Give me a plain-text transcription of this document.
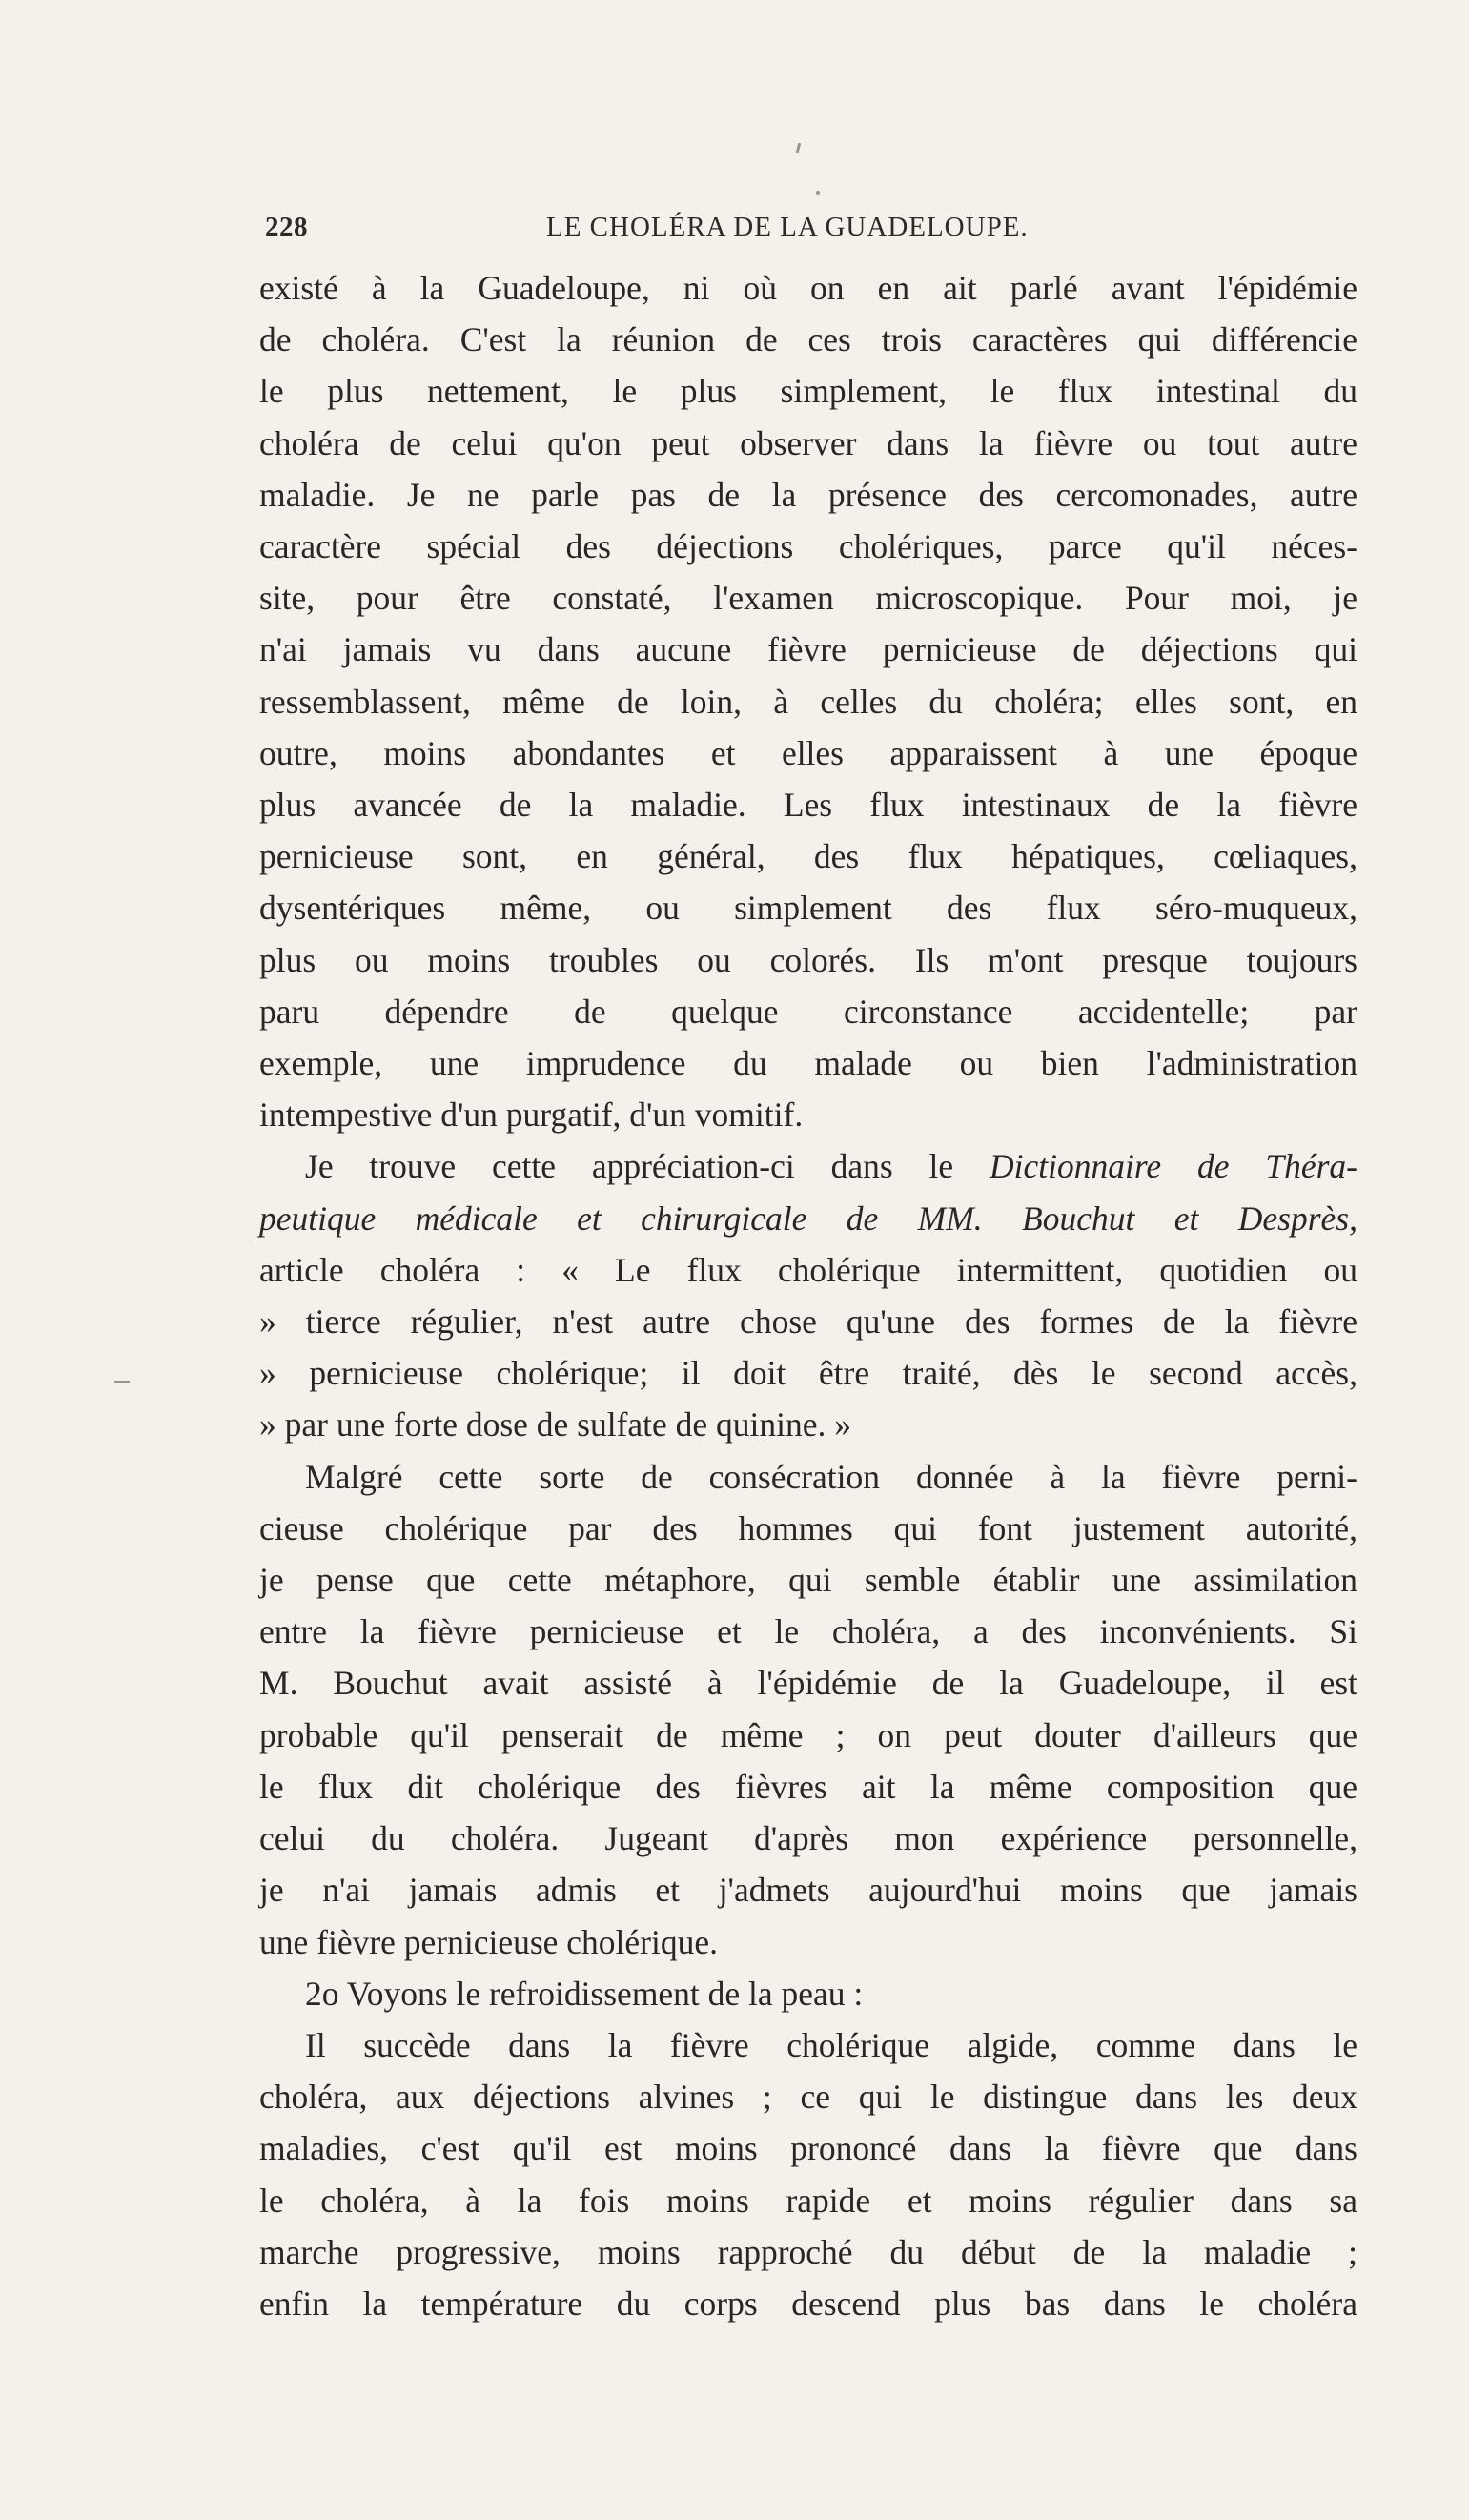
228	LE CHOLÉRA DE LA GUADELOUPE.
existé à la Guadeloupe, ni où on en ait parlé avant l'épidémie
de choléra. C'est la réunion de ces trois caractères qui différencie
le plus nettement, le plus simplement, le flux intestinal du
choléra de celui qu'on peut observer dans la fièvre ou tout autre
maladie. Je ne parle pas de la présence des cercomonades, autre
caractère spécial des déjections cholériques, parce qu'il néces-
site, pour être constaté, l'examen microscopique. Pour moi, je
n'ai jamais vu dans aucune fièvre pernicieuse de déjections qui
ressemblassent, même de loin, à celles du choléra; elles sont, en
outre, moins abondantes et elles apparaissent à une époque
plus avancée de la maladie. Les flux intestinaux de la fièvre
pernicieuse sont, en général, des flux hépatiques, cœliaques,
dysentériques même, ou simplement des flux séro-muqueux,
plus ou moins troubles ou colorés. Ils m'ont presque toujours
paru dépendre de quelque circonstance accidentelle; par
exemple, une imprudence du malade ou bien l'administration
intempestive d'un purgatif, d'un vomitif.
Je trouve cette appréciation-ci dans le Dictionnaire de Théra-
peutique médicale et chirurgicale de MM. Bouchut et Desprès,
article choléra : « Le flux cholérique intermittent, quotidien ou
» tierce régulier, n'est autre chose qu'une des formes de la fièvre
» pernicieuse cholérique; il doit être traité, dès le second accès,
» par une forte dose de sulfate de quinine. »
Malgré cette sorte de consécration donnée à la fièvre perni-
cieuse cholérique par des hommes qui font justement autorité,
je pense que cette métaphore, qui semble établir une assimilation
entre la fièvre pernicieuse et le choléra, a des inconvénients. Si
M. Bouchut avait assisté à l'épidémie de la Guadeloupe, il est
probable qu'il penserait de même ; on peut douter d'ailleurs que
le flux dit cholérique des fièvres ait la même composition que
celui du choléra. Jugeant d'après mon expérience personnelle,
je n'ai jamais admis et j'admets aujourd'hui moins que jamais
une fièvre pernicieuse cholérique.
2o Voyons le refroidissement de la peau :
Il succède dans la fièvre cholérique algide, comme dans le
choléra, aux déjections alvines ; ce qui le distingue dans les deux
maladies, c'est qu'il est moins prononcé dans la fièvre que dans
le choléra, à la fois moins rapide et moins régulier dans sa
marche progressive, moins rapproché du début de la maladie ;
enfin la température du corps descend plus bas dans le choléra
